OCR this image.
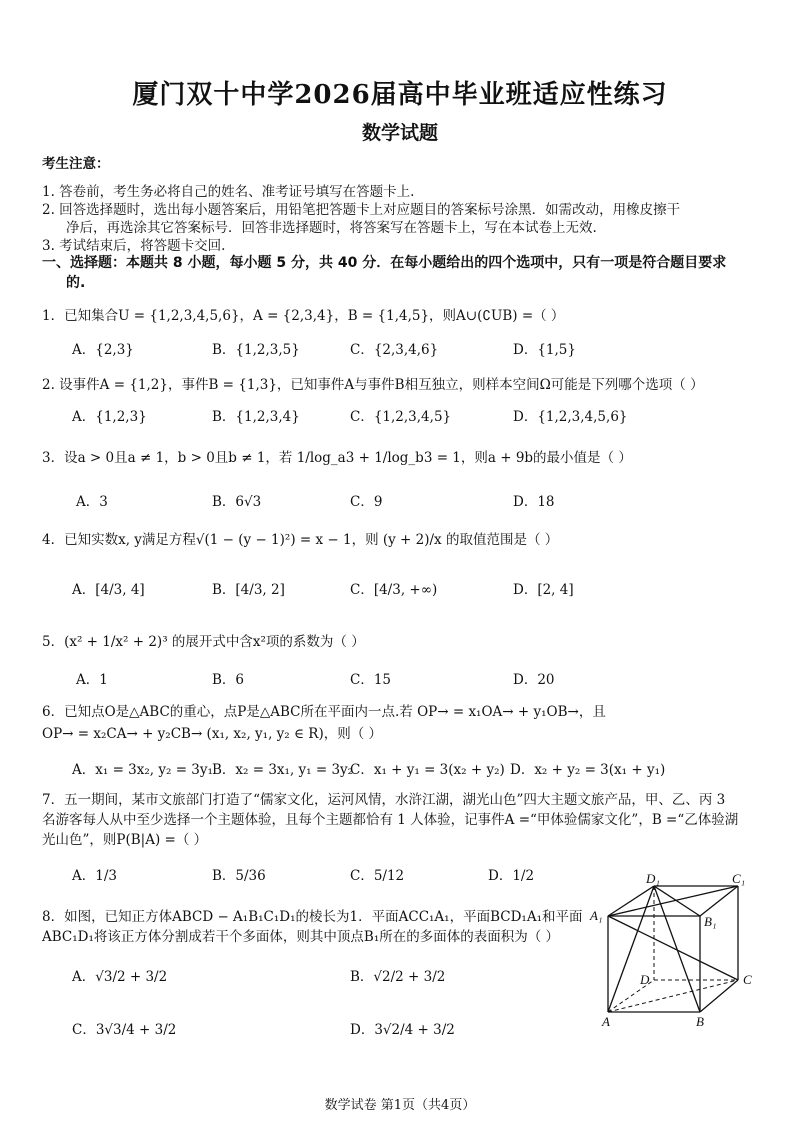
厦门双十中学2026届高中毕业班适应性练习
数学试题
考生注意：
1. 答卷前，考生务必将自己的姓名、准考证号填写在答题卡上.
2. 回答选择题时，选出每小题答案后，用铅笔把答题卡上对应题目的答案标号涂黑．如需改动，用橡皮擦干
净后，再选涂其它答案标号．回答非选择题时，将答案写在答题卡上，写在本试卷上无效.
3. 考试结束后，将答题卡交回.
一、选择题：本题共 8 小题，每小题 5 分，共 40 分．在每小题给出的四个选项中，只有一项是符合题目要求
的.
1．已知集合U = {1,2,3,4,5,6}，A = {2,3,4}，B = {1,4,5}，则A∪(∁UB) =（ ）
A．{2,3}	B．{1,2,3,5}	C．{2,3,4,6}	D．{1,5}
2. 设事件A = {1,2}，事件B = {1,3}，已知事件A与事件B相互独立，则样本空间Ω可能是下列哪个选项（ ）
A．{1,2,3}	B．{1,2,3,4}	C．{1,2,3,4,5}	D．{1,2,3,4,5,6}
3．设a > 0且a ≠ 1，b > 0且b ≠ 1，若 1/log_a3 + 1/log_b3 = 1，则a + 9b的最小值是（ ）
A．3	B．6√3	C．9	D．18
4．已知实数x, y满足方程√(1 − (y − 1)²) = x − 1，则 (y + 2)/x 的取值范围是（ ）
A．[4/3, 4]	B．[4/3, 2]	C．[4/3, +∞)	D．[2, 4]
5．(x² + 1/x² + 2)³ 的展开式中含x²项的系数为（ ）
A．1	B．6	C．15	D．20
6．已知点O是△ABC的重心，点P是△ABC所在平面内一点.若 OP→ = x₁OA→ + y₁OB→，且
OP→ = x₂CA→ + y₂CB→ (x₁, x₂, y₁, y₂ ∈ R)，则（ ）
A．x₁ = 3x₂, y₂ = 3y₁ B．x₂ = 3x₁, y₁ = 3y₂
C．x₁ + y₁ = 3(x₂ + y₂) D．x₂ + y₂ = 3(x₁ + y₁)
7．五一期间，某市文旅部门打造了“儒家文化，运河风情，水浒江湖，湖光山色”四大主题文旅产品，甲、乙、丙 3
名游客每人从中至少选择一个主题体验，且每个主题都恰有 1 人体验，记事件A =“甲体验儒家文化”，B =“乙体验湖
光山色”，则P(B|A) =（ ）
A．1/3	B．5/36	C．5/12	D．1/2
8．如图，已知正方体ABCD − A₁B₁C₁D₁的棱长为1．平面ACC₁A₁，平面BCD₁A₁和平面
ABC₁D₁将该正方体分割成若干个多面体，则其中顶点B₁所在的多面体的表面积为（ ）
A．√3/2 + 3/2	B．√2/2 + 3/2
C．3√3/4 + 3/2	D．3√2/4 + 3/2
D₁	C₁
A₁	B₁
D	C
A	B
数学试卷 第1页（共4页）
